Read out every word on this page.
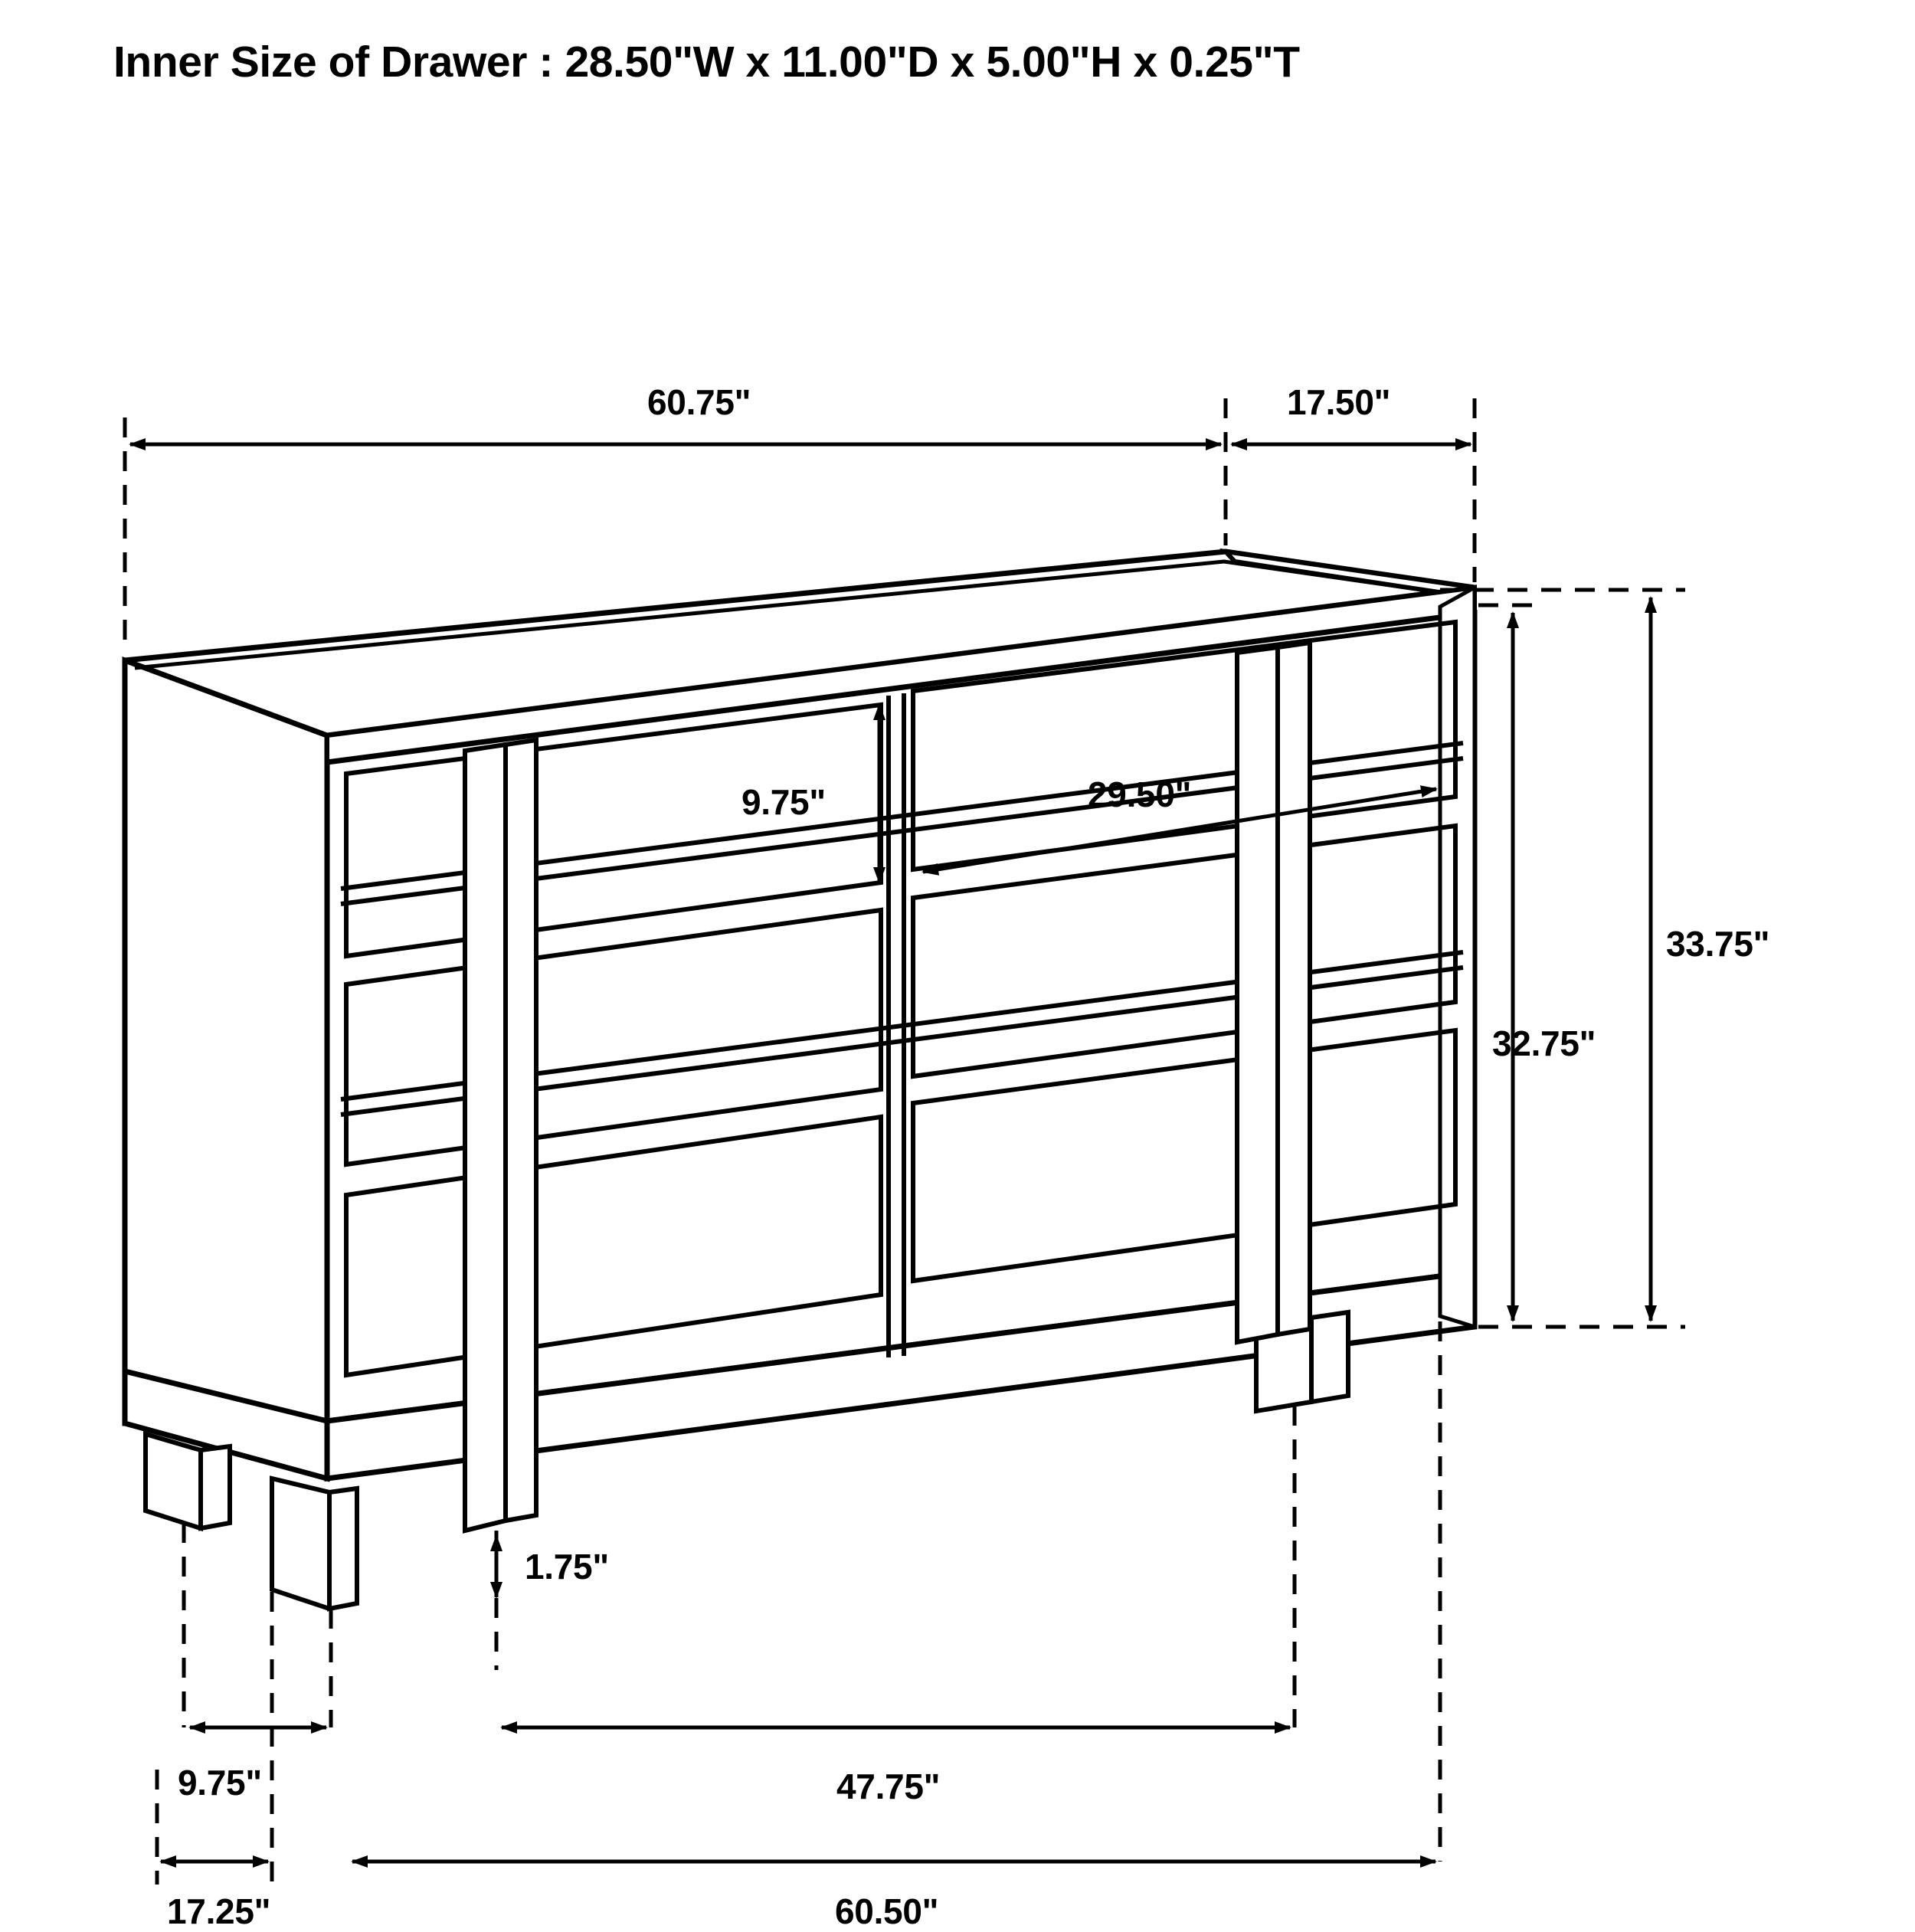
Inner Size of Drawer : 28.50"W x 11.00"D x 5.00"H x 0.25"T
60.75"	17.50"
9.75"	29.50"
33.75"
32.75"
1.75"
9.75"	47.75"
17.25"	60.50"
